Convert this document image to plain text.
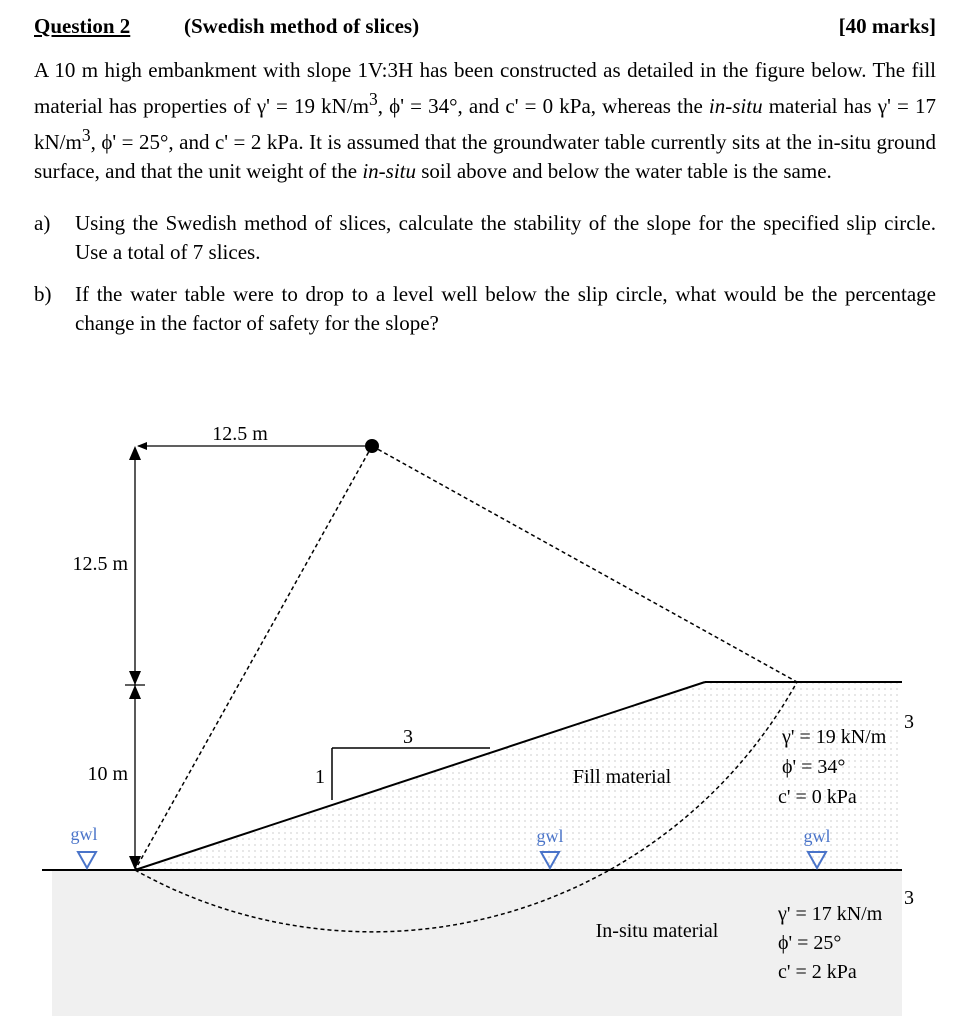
Question 2	(Swedish method of slices)	[40 marks]

A 10 m high embankment with slope 1V:3H has been constructed as detailed in the figure below. The fill material has properties of γ' = 19 $kN/m^3$, ϕ' = 34°, and c' = 0 kPa, whereas the in-situ material has γ' = 17 $kN/m^3$, ϕ' = 25°, and c' = 2 kPa. It is assumed that the groundwater table currently sits at the in-situ ground surface, and that the unit weight of the in-situ soil above and below the water table is the same.

a) Using the Swedish method of slices, calculate the stability of the slope for the specified slip circle. Use a total of 7 slices.
b) If the water table were to drop to a level well below the slip circle, what would be the percentage change in the factor of safety for the slope?
12.5 m
12.5 m
10 m
3
1
gwl	gwl	gwl
Fill material
In-situ material
γ' = 19 kN/m
3
ϕ' = 34°
c' = 0 kPa
γ' = 17 kN/m
3
ϕ' = 25°
c' = 2 kPa
